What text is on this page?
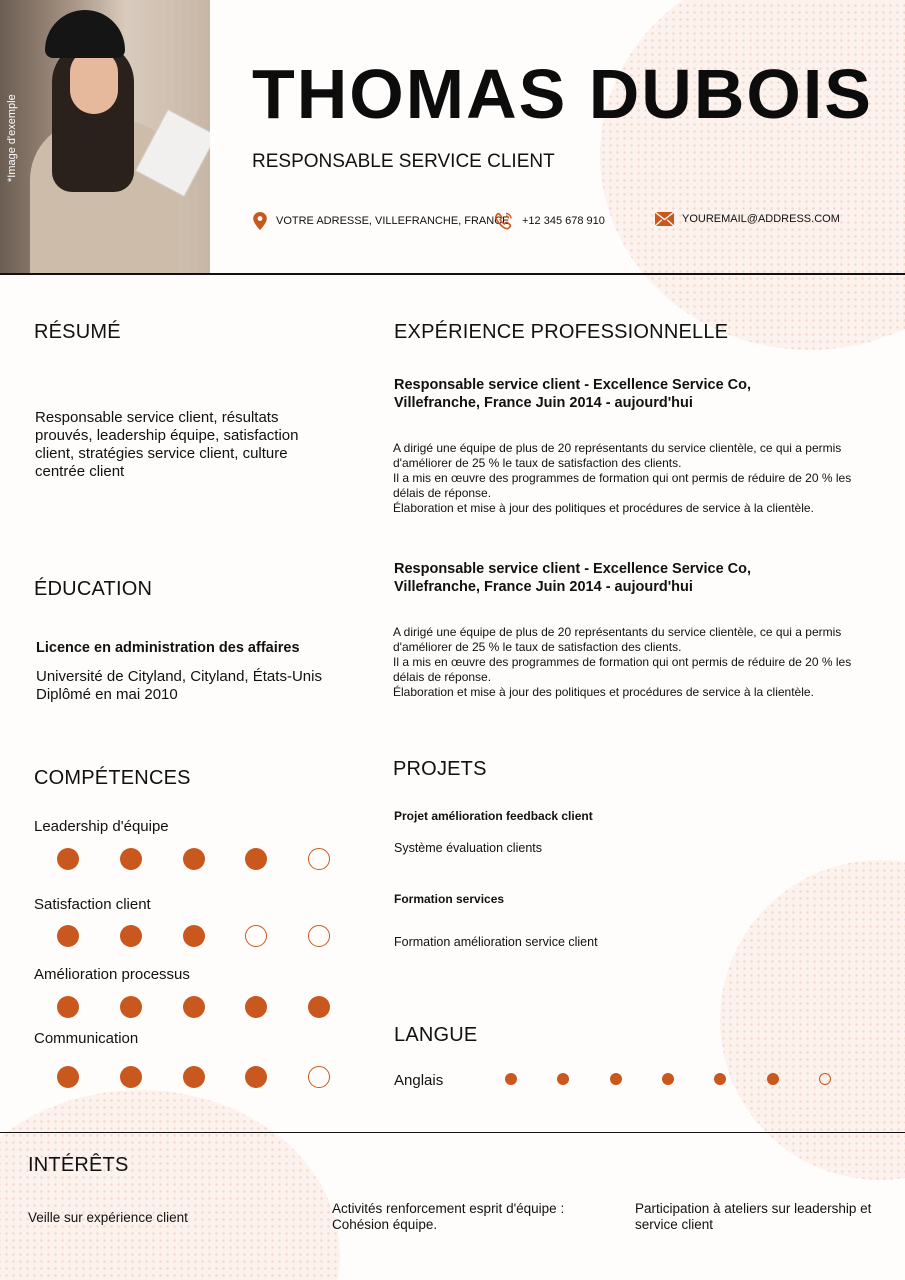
*Image d'exemple
THOMAS DUBOIS
RESPONSABLE SERVICE CLIENT
VOTRE ADRESSE, VILLEFRANCHE, FRANCE +12 345 678 910	YOUREMAIL@ADDRESS.COM
RÉSUMÉ
Responsable service client, résultats prouvés, leadership équipe, satisfaction client, stratégies service client, culture centrée client
ÉDUCATION
Licence en administration des affaires
Université de Cityland, Cityland, États-Unis
Diplômé en mai 2010
COMPÉTENCES
Leadership d'équipe
Satisfaction client
Amélioration processus
Communication
EXPÉRIENCE PROFESSIONNELLE
Responsable service client - Excellence Service Co, Villefranche, France Juin 2014 - aujourd'hui
A dirigé une équipe de plus de 20 représentants du service clientèle, ce qui a permis d'améliorer de 25 % le taux de satisfaction des clients.
Il a mis en œuvre des programmes de formation qui ont permis de réduire de 20 % les délais de réponse.
Élaboration et mise à jour des politiques et procédures de service à la clientèle.
Responsable service client - Excellence Service Co, Villefranche, France Juin 2014 - aujourd'hui
A dirigé une équipe de plus de 20 représentants du service clientèle, ce qui a permis d'améliorer de 25 % le taux de satisfaction des clients.
Il a mis en œuvre des programmes de formation qui ont permis de réduire de 20 % les délais de réponse.
Élaboration et mise à jour des politiques et procédures de service à la clientèle.
PROJETS
Projet amélioration feedback client
Système évaluation clients
Formation services
Formation amélioration service client
LANGUE
Anglais
INTÉRÊTS
Veille sur expérience client
Activités renforcement esprit d'équipe : Cohésion équipe.
Participation à ateliers sur leadership et service client
